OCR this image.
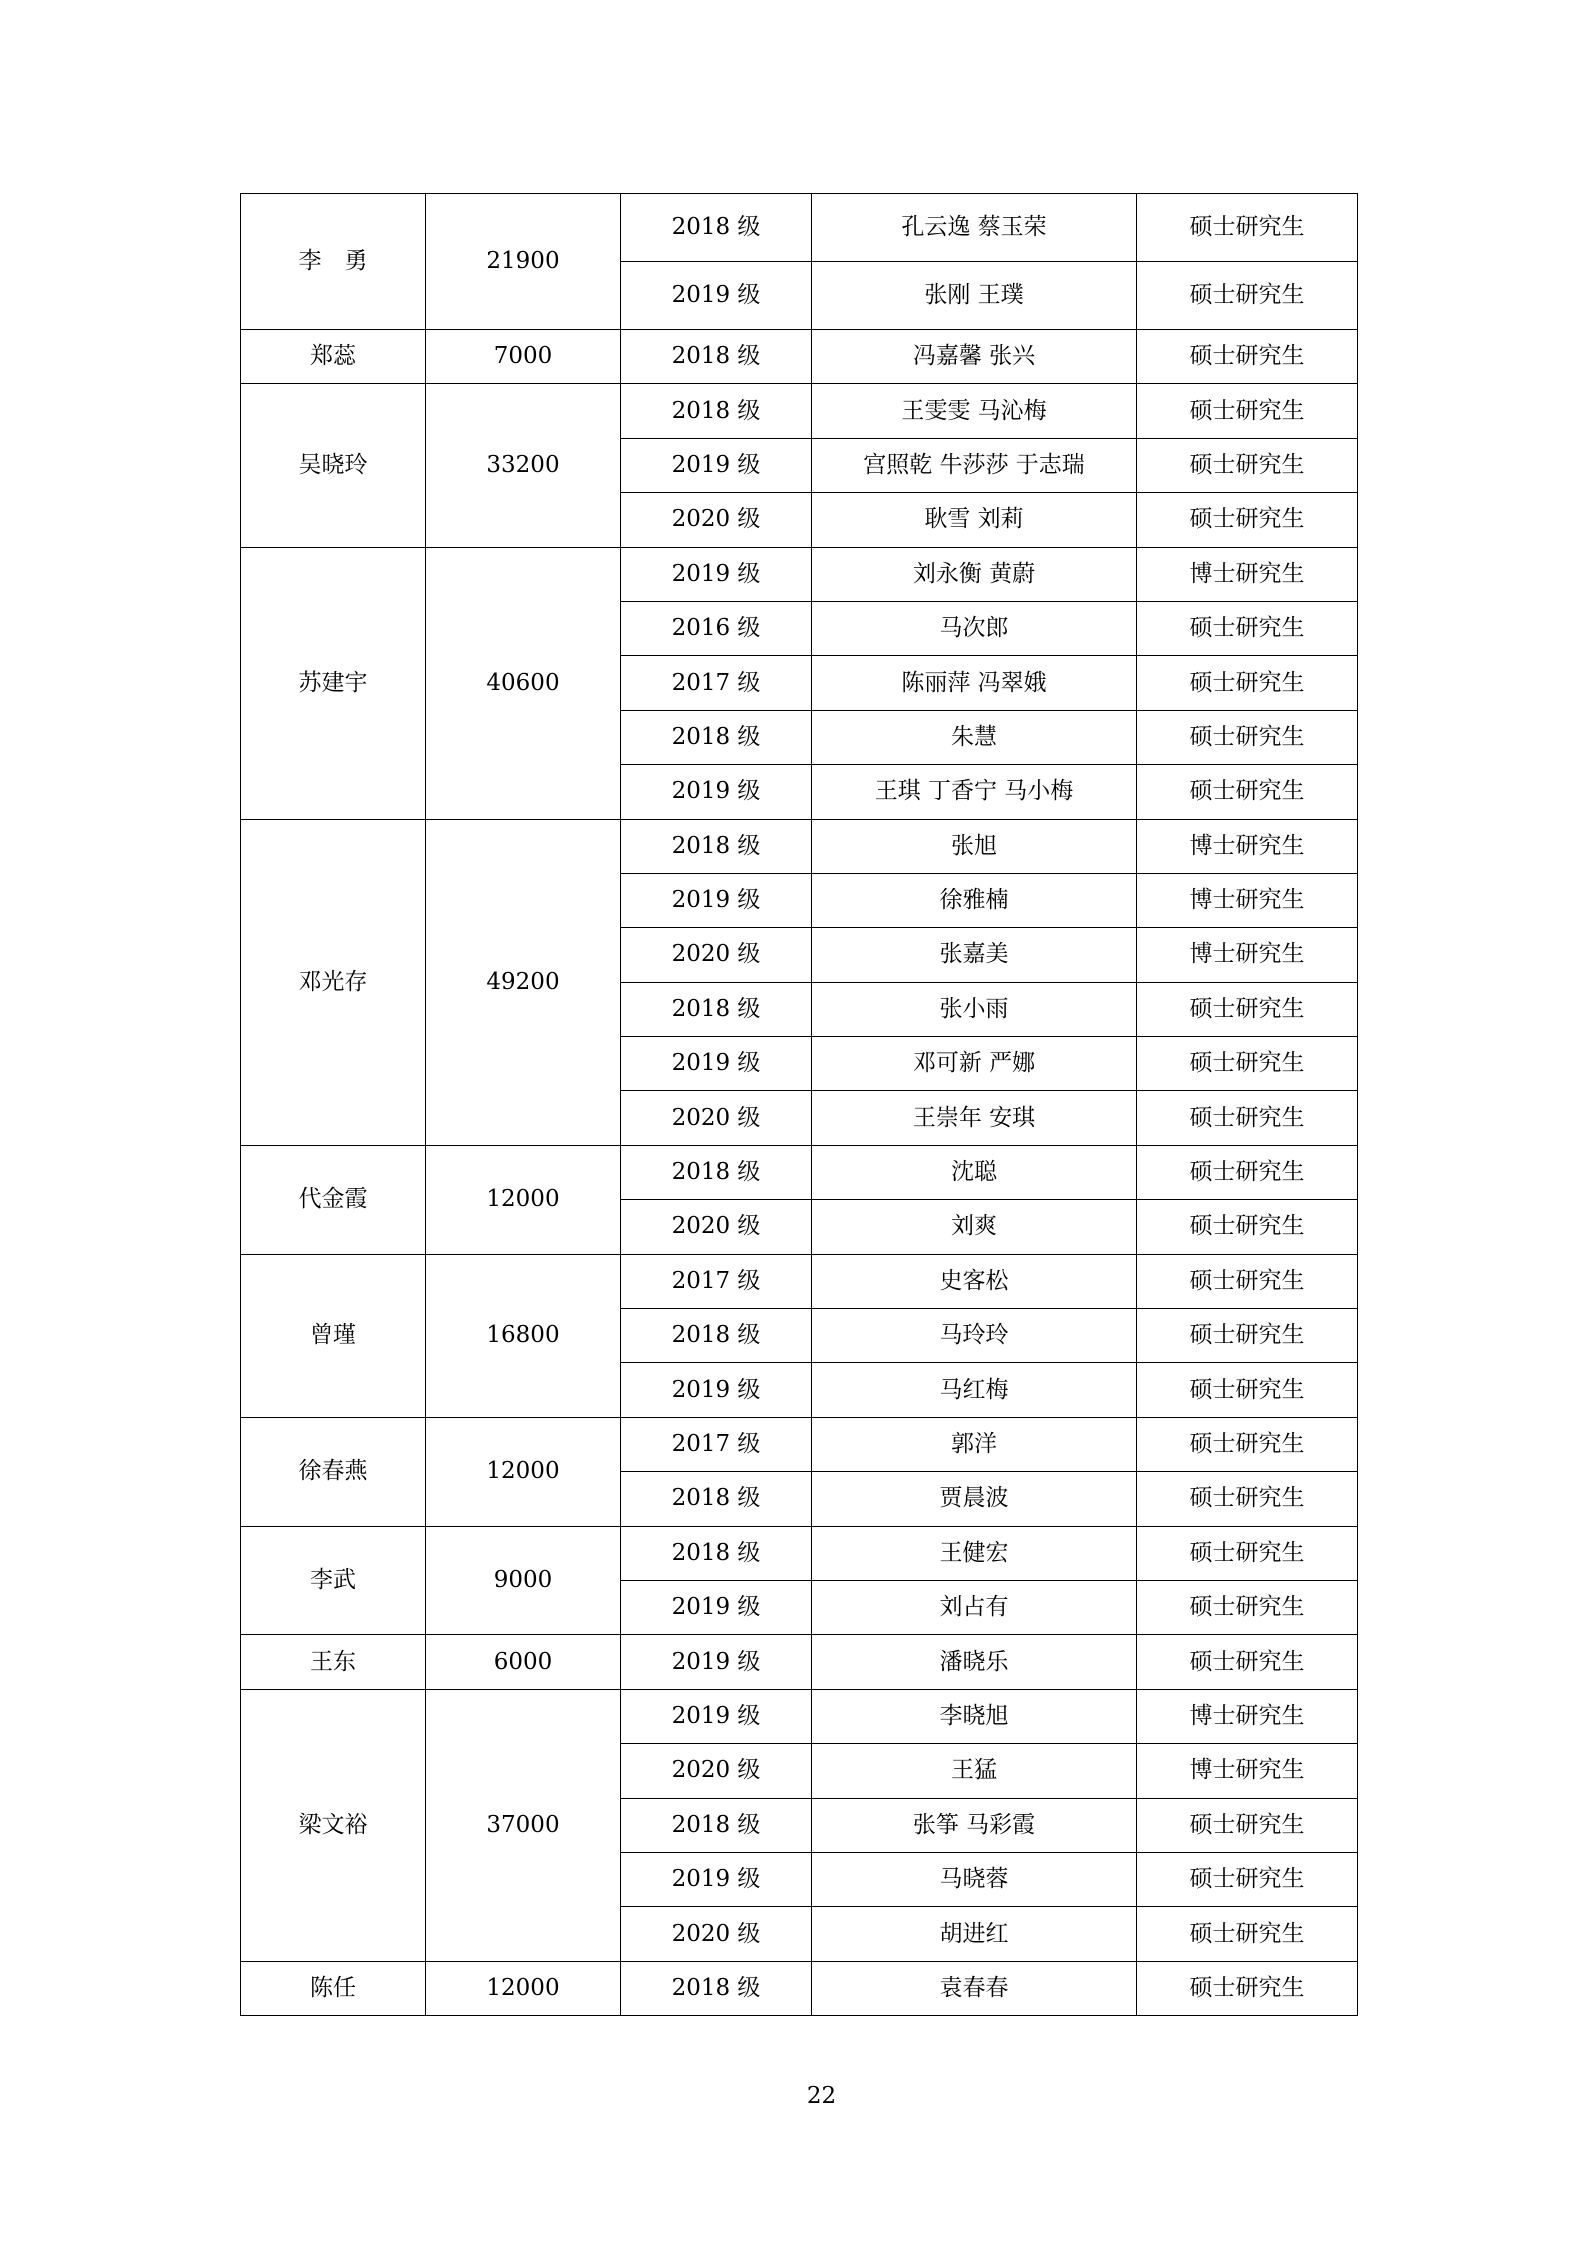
李　勇	21900	2018 级	孔云逸 蔡玉荣	硕士研究生
		2019 级	张刚 王璞	硕士研究生
郑蕊	7000	2018 级	冯嘉馨 张兴	硕士研究生
吴晓玲	33200	2018 级	王雯雯 马沁梅	硕士研究生
		2019 级	宫照乾 牛莎莎 于志瑞	硕士研究生
		2020 级	耿雪 刘莉	硕士研究生
苏建宇	40600	2019 级	刘永衡 黄蔚	博士研究生
		2016 级	马次郎	硕士研究生
		2017 级	陈丽萍 冯翠娥	硕士研究生
		2018 级	朱慧	硕士研究生
		2019 级	王琪 丁香宁 马小梅	硕士研究生
邓光存	49200	2018 级	张旭	博士研究生
		2019 级	徐雅楠	博士研究生
		2020 级	张嘉美	博士研究生
		2018 级	张小雨	硕士研究生
		2019 级	邓可新 严娜	硕士研究生
		2020 级	王崇年 安琪	硕士研究生
代金霞	12000	2018 级	沈聪	硕士研究生
		2020 级	刘爽	硕士研究生
曾瑾	16800	2017 级	史客松	硕士研究生
		2018 级	马玲玲	硕士研究生
		2019 级	马红梅	硕士研究生
徐春燕	12000	2017 级	郭洋	硕士研究生
		2018 级	贾晨波	硕士研究生
李武	9000	2018 级	王健宏	硕士研究生
		2019 级	刘占有	硕士研究生
王东	6000	2019 级	潘晓乐	硕士研究生
梁文裕	37000	2019 级	李晓旭	博士研究生
		2020 级	王猛	博士研究生
		2018 级	张筝 马彩霞	硕士研究生
		2019 级	马晓蓉	硕士研究生
		2020 级	胡进红	硕士研究生
陈任	12000	2018 级	袁春春	硕士研究生
22
